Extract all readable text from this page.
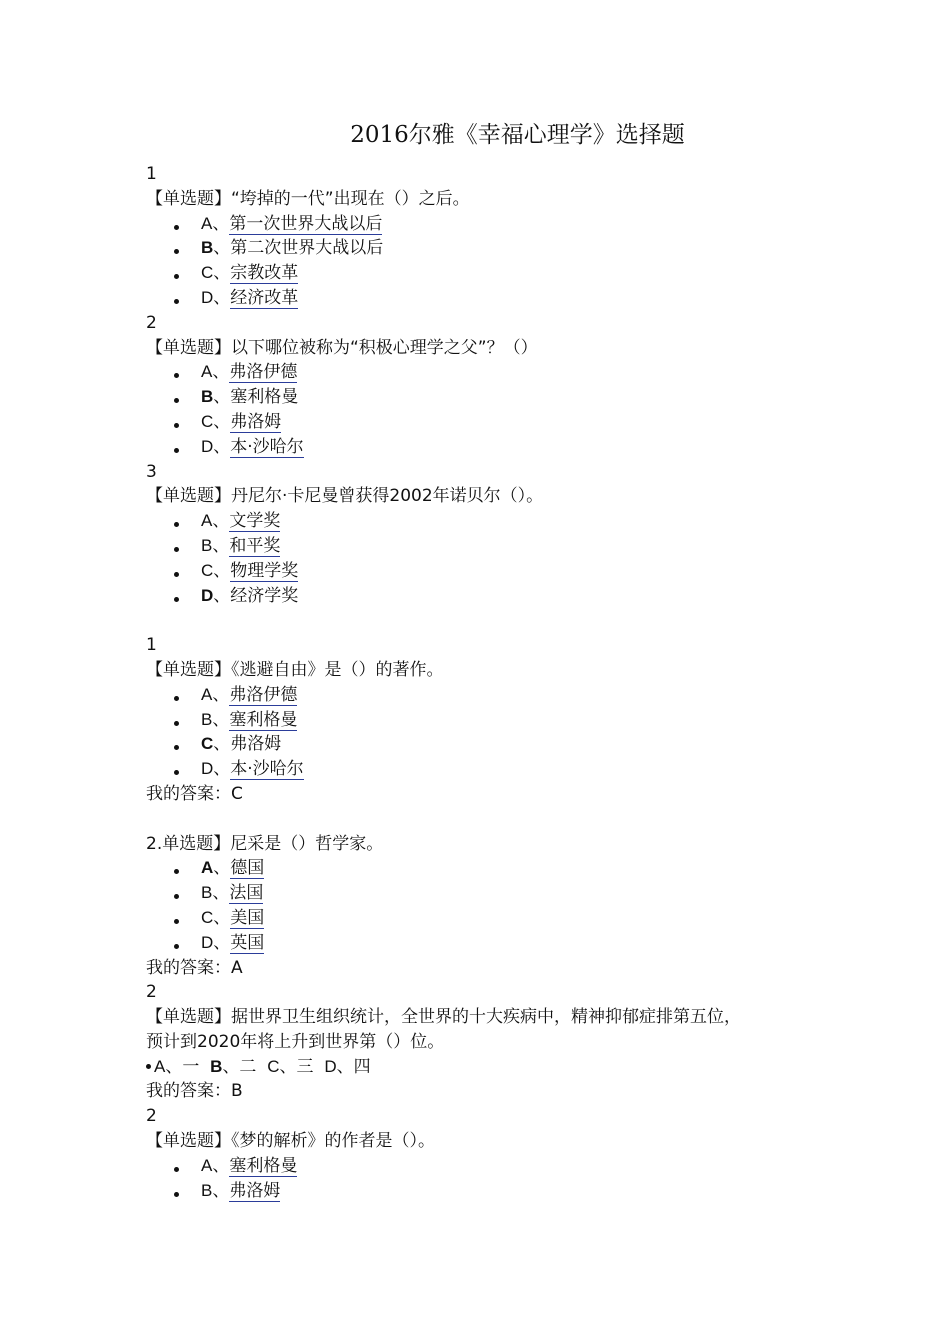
2016尔雅《幸福心理学》选择题
1
【单选题】“垮掉的一代”出现在（）之后。
A、第一次世界大战以后
B、第二次世界大战以后
C、宗教改革
D、经济改革
2
【单选题】以下哪位被称为“积极心理学之父”？（）
A、弗洛伊德
B、塞利格曼
C、弗洛姆
D、本·沙哈尔
3
【单选题】丹尼尔·卡尼曼曾获得2002年诺贝尔（）。
A、文学奖
B、和平奖
C、物理学奖
D、经济学奖
1
【单选题】《逃避自由》是（）的著作。
A、弗洛伊德
B、塞利格曼
C、弗洛姆
D、本·沙哈尔
我的答案：C
2.单选题】尼采是（）哲学家。
A、德国
B、法国
C、美国
D、英国
我的答案：A
2
【单选题】据世界卫生组织统计，全世界的十大疾病中，精神抑郁症排第五位，
预计到2020年将上升到世界第（）位。
A、一  B、二  C、三  D、四
我的答案：B
2
【单选题】《梦的解析》的作者是（）。
A、塞利格曼
B、弗洛姆
